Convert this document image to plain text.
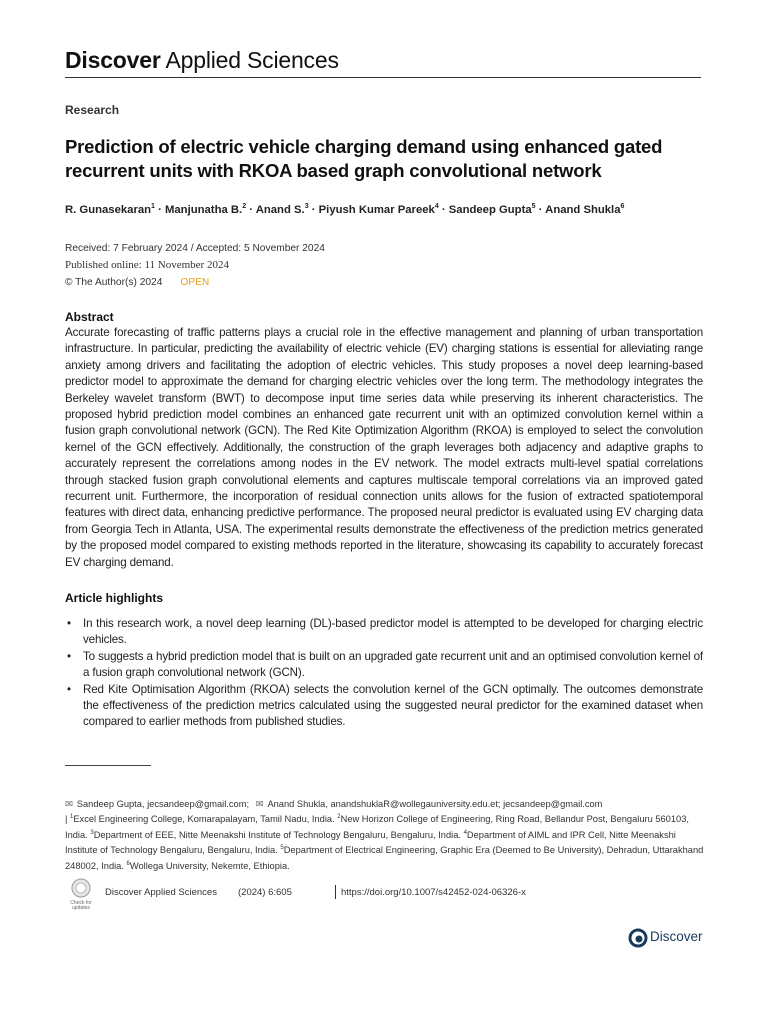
Discover Applied Sciences
Research
Prediction of electric vehicle charging demand using enhanced gated recurrent units with RKOA based graph convolutional network
R. Gunasekaran$^1$ · Manjunatha B.$^2$ · Anand S.$^3$ · Piyush Kumar Pareek$^4$ · Sandeep Gupta$^5$ · Anand Shukla$^6$
Received: 7 February 2024 / Accepted: 5 November 2024
Published online: 11 November 2024
© The Author(s) 2024 OPEN
Abstract
Accurate forecasting of traffic patterns plays a crucial role in the effective management and planning of urban transportation infrastructure. In particular, predicting the availability of electric vehicle (EV) charging stations is essential for alleviating range anxiety among drivers and facilitating the adoption of electric vehicles. This study proposes a novel deep learning-based predictor model to approximate the demand for charging electric vehicles over the long term. The methodology integrates the Berkeley wavelet transform (BWT) to decompose input time series data while preserving its inherent characteristics. The proposed hybrid prediction model combines an enhanced gate recurrent unit with an optimized convolution kernel within a fusion graph convolutional network (GCN). The Red Kite Optimization Algorithm (RKOA) is employed to select the convolution kernel of the GCN effectively. Additionally, the construction of the graph leverages both adjacency and adaptive graphs to accurately represent the correlations among nodes in the EV network. The model extracts multi-level spatial correlations through stacked fusion graph convolutional elements and captures multiscale temporal correlations via an improved gated recurrent unit. Furthermore, the incorporation of residual connection units allows for the fusion of extracted spatiotemporal features with direct data, enhancing predictive performance. The proposed neural predictor is evaluated using EV charging data from Georgia Tech in Atlanta, USA. The experimental results demonstrate the effectiveness of the prediction metrics generated by the proposed model compared to existing methods reported in the literature, showcasing its capability to accurately forecast EV charging demand.
Article highlights
• In this research work, a novel deep learning (DL)-based predictor model is attempted to be developed for charging electric vehicles.
• To suggests a hybrid prediction model that is built on an upgraded gate recurrent unit and an optimised convolution kernel of a fusion graph convolutional network (GCN).
• Red Kite Optimisation Algorithm (RKOA) selects the convolution kernel of the GCN optimally. The outcomes demonstrate the effectiveness of the prediction metrics calculated using the suggested neural predictor for the examined dataset when compared to earlier methods from published studies.
✉ Sandeep Gupta, jecsandeep@gmail.com; ✉ Anand Shukla, anandshuklaR@wollegauniversity.edu.et; jecsandeep@gmail.com
| $^1$Excel Engineering College, Komarapalayam, Tamil Nadu, India. $^2$New Horizon College of Engineering, Ring Road, Bellandur Post, Bengaluru 560103, India. $^3$Department of EEE, Nitte Meenakshi Institute of Technology Bengaluru, Bengaluru, India. $^4$Department of AIML and IPR Cell, Nitte Meenakshi Institute of Technology Bengaluru, Bengaluru, India. $^5$Department of Electrical Engineering, Graphic Era (Deemed to Be University), Dehradun, Uttarakhand 248002, India. $^6$Wollega University, Nekemte, Ethiopia.
Check for
updates
Discover Applied Sciences (2024) 6:605	https://doi.org/10.1007/s42452-024-06326-x
Discover
